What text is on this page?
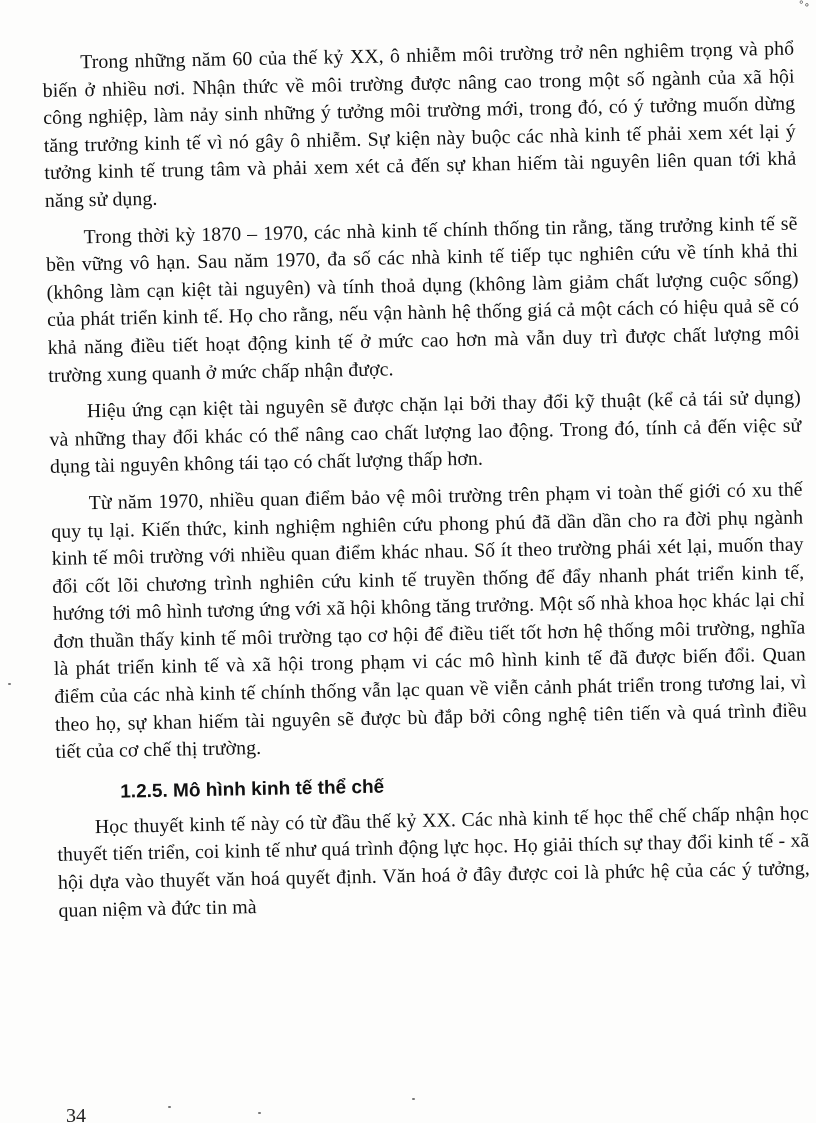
°∘

Trong những năm 60 của thế kỷ XX, ô nhiễm môi trường trở nên nghiêm trọng và phổ biến ở nhiều nơi. Nhận thức về môi trường được nâng cao trong một số ngành của xã hội công nghiệp, làm nảy sinh những ý tưởng môi trường mới, trong đó, có ý tưởng muốn dừng tăng trưởng kinh tế vì nó gây ô nhiễm. Sự kiện này buộc các nhà kinh tế phải xem xét lại ý tưởng kinh tế trung tâm và phải xem xét cả đến sự khan hiếm tài nguyên liên quan tới khả năng sử dụng.

Trong thời kỳ 1870 – 1970, các nhà kinh tế chính thống tin rằng, tăng trưởng kinh tế sẽ bền vững vô hạn. Sau năm 1970, đa số các nhà kinh tế tiếp tục nghiên cứu về tính khả thi (không làm cạn kiệt tài nguyên) và tính thoả dụng (không làm giảm chất lượng cuộc sống) của phát triển kinh tế. Họ cho rằng, nếu vận hành hệ thống giá cả một cách có hiệu quả sẽ có khả năng điều tiết hoạt động kinh tế ở mức cao hơn mà vẫn duy trì được chất lượng môi trường xung quanh ở mức chấp nhận được.

Hiệu ứng cạn kiệt tài nguyên sẽ được chặn lại bởi thay đổi kỹ thuật (kể cả tái sử dụng) và những thay đổi khác có thể nâng cao chất lượng lao động. Trong đó, tính cả đến việc sử dụng tài nguyên không tái tạo có chất lượng thấp hơn.

Từ năm 1970, nhiều quan điểm bảo vệ môi trường trên phạm vi toàn thế giới có xu thế quy tụ lại. Kiến thức, kinh nghiệm nghiên cứu phong phú đã dần dần cho ra đời phụ ngành kinh tế môi trường với nhiều quan điểm khác nhau. Số ít theo trường phái xét lại, muốn thay đổi cốt lõi chương trình nghiên cứu kinh tế truyền thống để đẩy nhanh phát triển kinh tế, hướng tới mô hình tương ứng với xã hội không tăng trưởng. Một số nhà khoa học khác lại chỉ đơn thuần thấy kinh tế môi trường tạo cơ hội để điều tiết tốt hơn hệ thống môi trường, nghĩa là phát triển kinh tế và xã hội trong phạm vi các mô hình kinh tế đã được biến đổi. Quan điểm của các nhà kinh tế chính thống vẫn lạc quan về viễn cảnh phát triển trong tương lai, vì theo họ, sự khan hiếm tài nguyên sẽ được bù đắp bởi công nghệ tiên tiến và quá trình điều tiết của cơ chế thị trường.

1.2.5. Mô hình kinh tế thể chế

Học thuyết kinh tế này có từ đầu thế kỷ XX. Các nhà kinh tế học thể chế chấp nhận học thuyết tiến triển, coi kinh tế như quá trình động lực học. Họ giải thích sự thay đổi kinh tế - xã hội dựa vào thuyết văn hoá quyết định. Văn hoá ở đây được coi là phức hệ của các ý tưởng, quan niệm và đức tin mà

34
